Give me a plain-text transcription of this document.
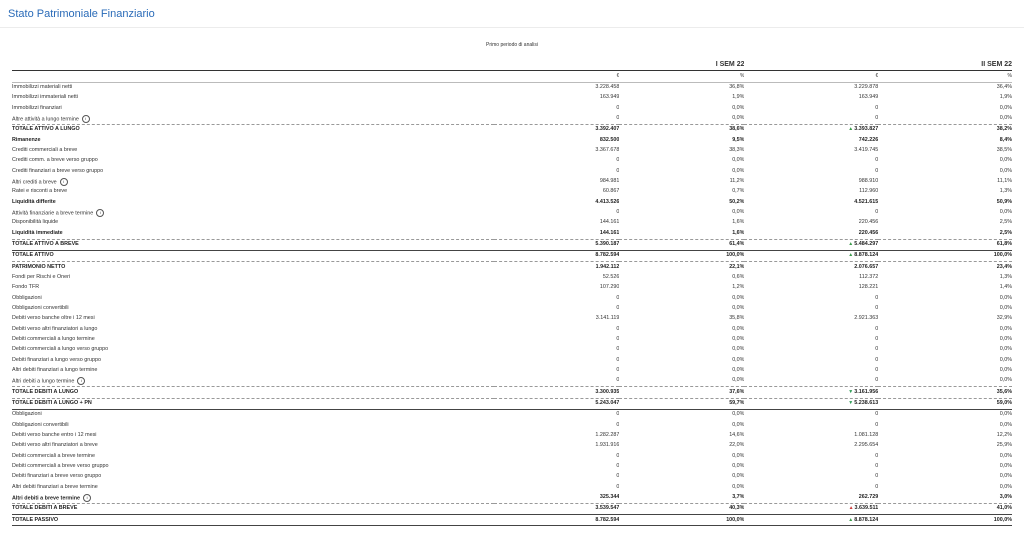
Stato Patrimoniale Finanziario
Primo periodo di analisi
	I SEM 22		II SEM 22	
	€	%	€	%
Immobilizzi materiali netti	3.228.458	36,8%	3.229.878	36,4%
Immobilizzi immateriali netti	163.949	1,9%	163.949	1,9%
Immobilizzi finanziari	0	0,0%	0	0,0%
Altre attività a lungo termine i	0	0,0%	0	0,0%
TOTALE ATTIVO A LUNGO	3.392.407	38,6%	▲3.393.827	38,2%
Rimanenze	832.500	9,5%	742.226	8,4%
Crediti commerciali a breve	3.367.678	38,3%	3.419.745	38,5%
Crediti comm. a breve verso gruppo	0	0,0%	0	0,0%
Crediti finanziari a breve verso gruppo	0	0,0%	0	0,0%
Altri crediti a breve i	984.981	11,2%	988.910	11,1%
Ratei e risconti a breve	60.867	0,7%	112.960	1,3%
Liquidità differite	4.413.526	50,2%	4.521.615	50,9%
Attività finanziarie a breve termine i	0	0,0%	0	0,0%
Disponibilità liquide	144.161	1,6%	220.456	2,5%
Liquidità immediate	144.161	1,6%	220.456	2,5%
TOTALE ATTIVO A BREVE	5.390.187	61,4%	▲5.484.297	61,8%
TOTALE ATTIVO	8.782.594	100,0%	▲8.878.124	100,0%
PATRIMONIO NETTO	1.942.112	22,1%	2.076.657	23,4%
Fondi per Rischi e Oneri	52.526	0,6%	112.372	1,3%
Fondo TFR	107.290	1,2%	128.221	1,4%
Obbligazioni	0	0,0%	0	0,0%
Obbligazioni convertibili	0	0,0%	0	0,0%
Debiti verso banche oltre i 12 mesi	3.141.119	35,8%	2.921.363	32,9%
Debiti verso altri finanziatori a lungo	0	0,0%	0	0,0%
Debiti commerciali a lungo termine	0	0,0%	0	0,0%
Debiti commerciali a lungo verso gruppo	0	0,0%	0	0,0%
Debiti finanziari a lungo verso gruppo	0	0,0%	0	0,0%
Altri debiti finanziari a lungo termine	0	0,0%	0	0,0%
Altri debiti a lungo termine i	0	0,0%	0	0,0%
TOTALE DEBITI A LUNGO	3.300.935	37,6%	▼3.161.956	35,6%
TOTALE DEBITI A LUNGO + PN	5.243.047	59,7%	▼5.238.613	59,0%
Obbligazioni	0	0,0%	0	0,0%
Obbligazioni convertibili	0	0,0%	0	0,0%
Debiti verso banche entro i 12 mesi	1.282.287	14,6%	1.081.128	12,2%
Debiti verso altri finanziatori a breve	1.931.916	22,0%	2.295.654	25,9%
Debiti commerciali a breve termine	0	0,0%	0	0,0%
Debiti commerciali a breve verso gruppo	0	0,0%	0	0,0%
Debiti finanziari a breve verso gruppo	0	0,0%	0	0,0%
Altri debiti finanziari a breve termine	0	0,0%	0	0,0%
Altri debiti a breve termine i	325.344	3,7%	262.729	3,0%
TOTALE DEBITI A BREVE	3.539.547	40,3%	▲3.639.511	41,0%
TOTALE PASSIVO	8.782.594	100,0%	▲8.878.124	100,0%
